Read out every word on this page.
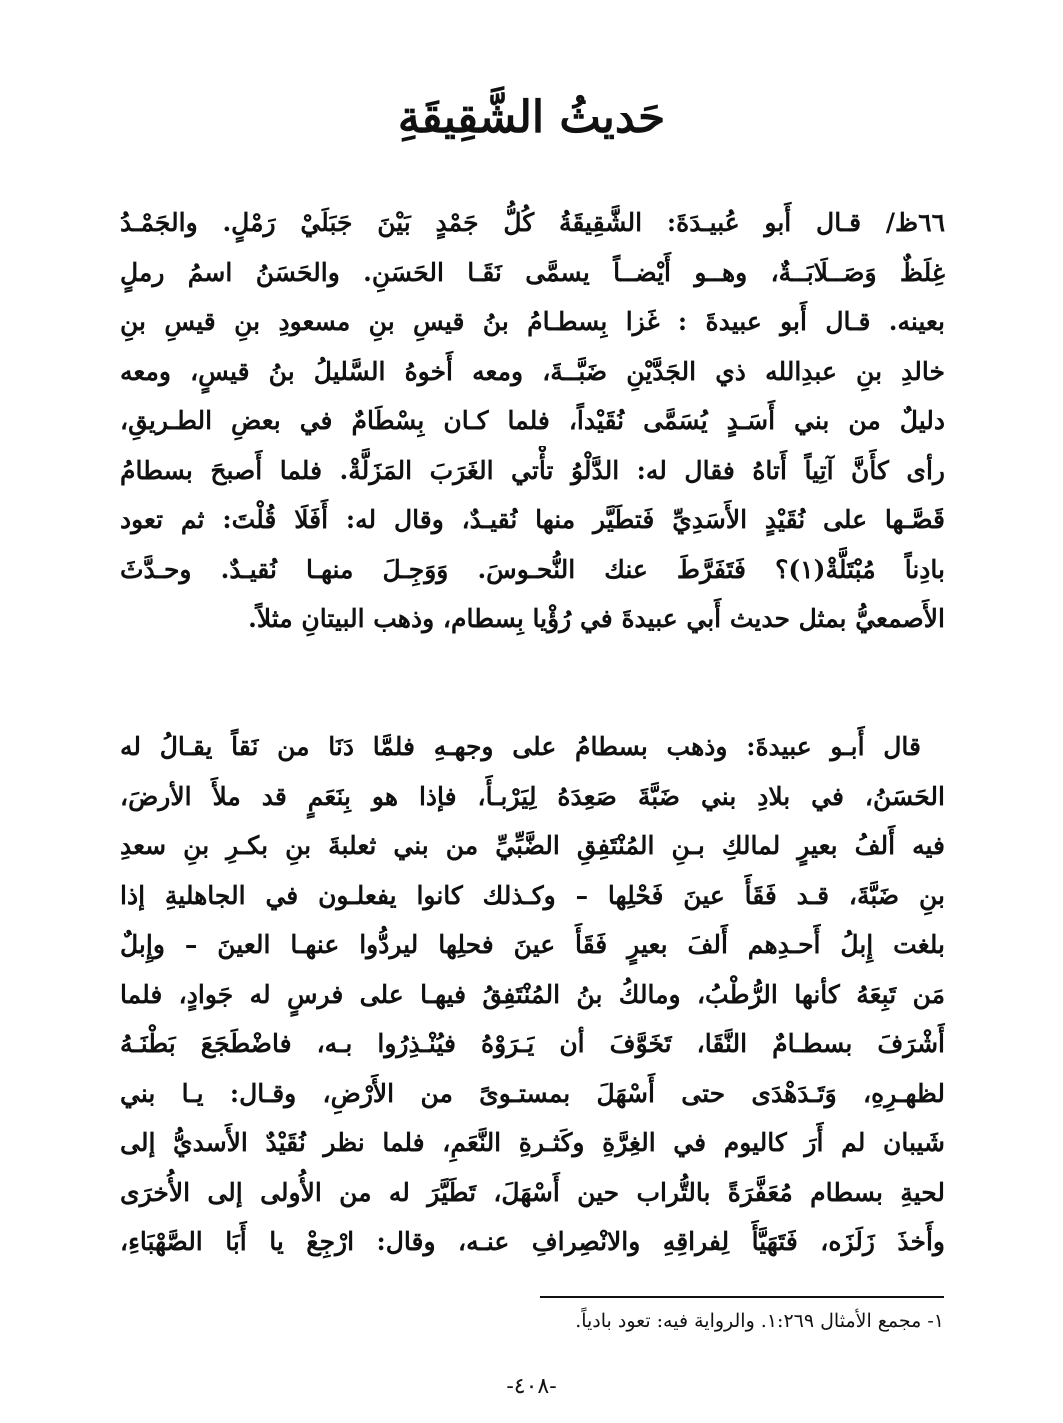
حَديثُ الشَّقِيقَةِ
٦٦ظ/ قـال أَبو عُبيـدَةَ: الشَّقِيقَةُ كُلُّ جَمْدٍ بَيْنَ جَبَلَيْ رَمْلٍ. والجَمْـدُ
غِلَظٌ وَصَــلَابَــةٌ، وهــو أَيْضــاً يسمَّى نَقَـا الحَسَنِ. والحَسَنُ اسمُ رملٍ
بعينه. قـال أَبو عبيدةَ : غَزا بِسطـامُ بنُ قيسِ بنِ مسعودِ بنِ قيسِ بنِ
خالدِ بنِ عبدِالله ذي الجَدَّيْنِ ضَبَّــةَ، ومعه أَخوهُ السَّليلُ بنُ قيسٍ، ومعه
دليلٌ من بني أَسَـدٍ يُسَمَّى نُقَيْداً، فلما كـان بِسْطَامٌ في بعضِ الطـريقِ،
رأى كأَنَّ آتِياً أَتاهُ فقال له: الدَّلْوُ تأْتي الغَرَبَ المَزَلَّةْ. فلما أَصبحَ بسطامُ
قَصَّـها على نُقَيْدٍ الأَسَدِيِّ فَتطَيَّر منها نُقيـدٌ، وقال له: أَفَلَا قُلْتَ: ثم تعود
بادِناً مُبْتَلَّةْ(١)؟ فَتَفَرَّطَ عنك النُّحـوسَ. وَوَجِـلَ منهـا نُقيـدٌ. وحـدَّثَ
الأَصمعيُّ بمثل حديث أَبي عبيدةَ في رُؤْيا بِسطام، وذهب البيتانِ مثلاً.
قال أَبـو عبيدةَ: وذهب بسطامُ على وجهـهِ فلمَّا دَنَا من نَقاً يقـالُ له
الحَسَنُ، في بلادِ بني ضَبَّةَ صَعِدَهُ لِيَرْبـأَ، فإذا هو بِنَعَمٍ قد ملأَ الأرضَ،
فيه أَلفُ بعيرٍ لمالكِ بـنِ المُنْتَفِقِ الضَّبِّيِّ من بني ثعلبةَ بنِ بكـرِ بنِ سعدِ
بنِ ضَبَّةَ، قـد فَقَأَ عينَ فَحْلِها – وكـذلك كانوا يفعلـون في الجاهليةِ إذا
بلغت إِبلُ أَحـدِهم أَلفَ بعيرٍ فَقَأَ عينَ فحلِها ليردُّوا عنهـا العينَ – وإِبلٌ
مَن تَبِعَهُ كأنها الرُّطْبُ، ومالكُ بنُ المُنْتَفِقُ فيهـا على فرسٍ له جَوادٍ، فلما
أَشْرَفَ بسطـامٌ النَّقَا، تَخَوَّفَ أن يَـرَوْهُ فيُنْـذِرُوا بـه، فاضْطَجَعَ بَطْنَـهُ
لظهـرِهِ، وَتَـدَهْدَى حتى أَسْهَلَ بمستـوىً من الأَرْضِ، وقـال: يـا بني
شَيبان لم أَرَ كاليوم في الغِرَّةِ وكَثـرةِ النَّعَمِ، فلما نظر نُقَيْدٌ الأَسديُّ إلى
لحيةِ بسطام مُعَفَّرَةً بالتُّراب حين أَسْهَلَ، تَطَيَّرَ له من الأُولى إلى الأُخرَى
وأَخذَ زَلَزَه، فَتَهَيَّأَ لِفراقِهِ والانْصِرافِ عنـه، وقال: ارْجِعْ يا أَبَا الصَّهْبَاءِ،

١- مجمع الأمثال ١:٢٦٩. والرواية فيه: تعود بادياً.

-٤٠٨-
